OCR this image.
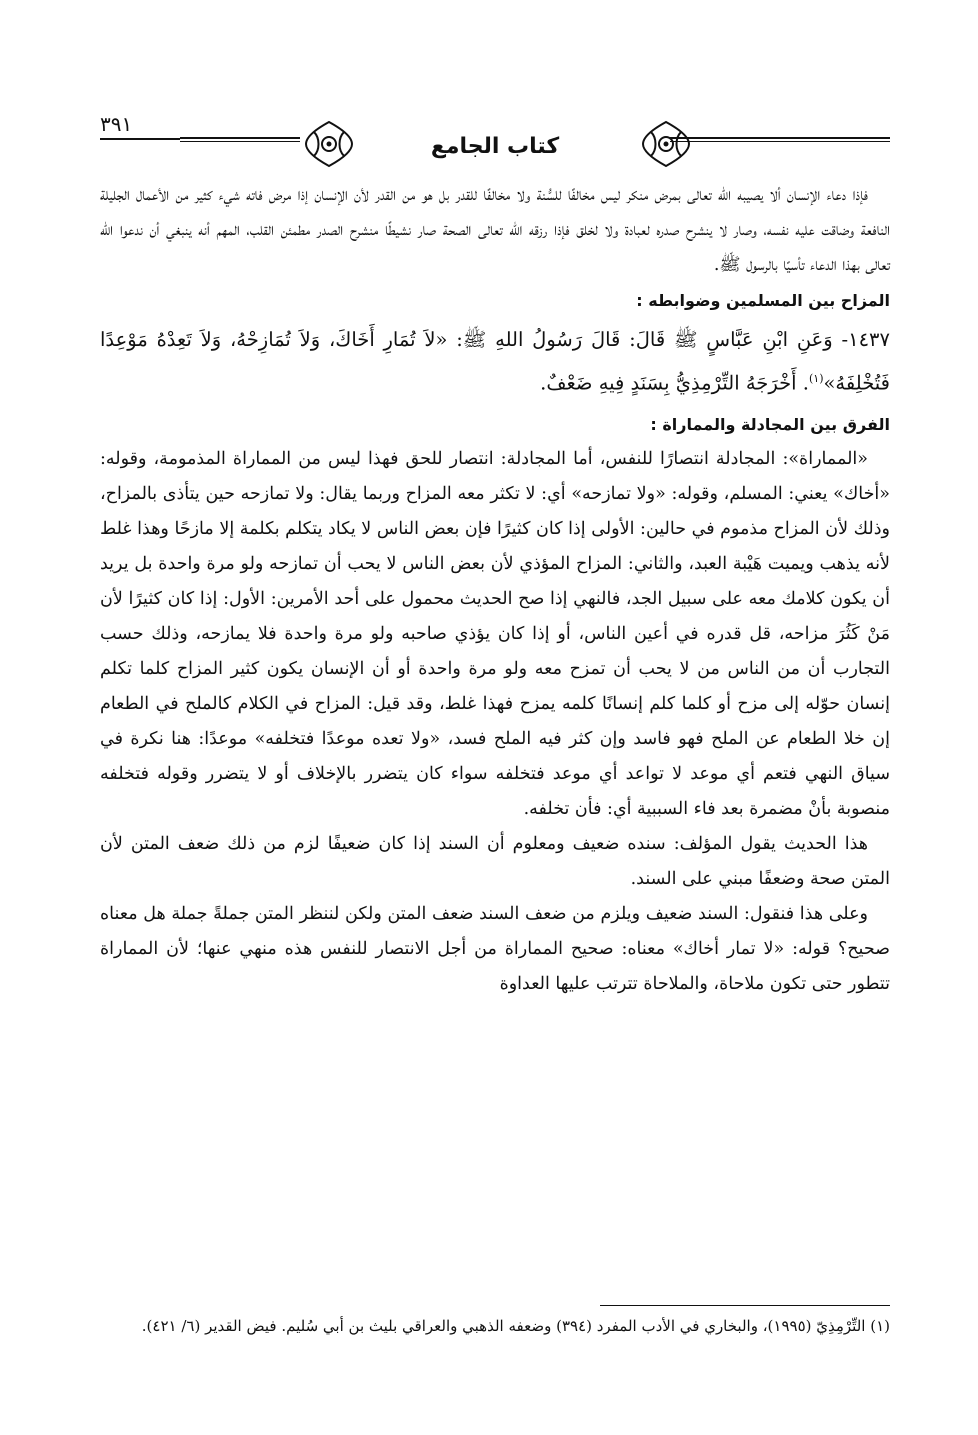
٣٩١
كتاب الجامع

فإذا دعاء الإنسان ألا يصيبه الله تعالى بمرض منكر ليس مخالفًا للسُّنة ولا مخالفًا للقدر بل هو من القدر لأن الإنسان إذا مرض فاته شيء كثير من الأعمال الجليلة النافعة وضاقت عليه نفسه، وصار لا ينشرح صدره لعبادة ولا لخلق فإذا رزقه الله تعالى الصحة صار نشيطًا منشرح الصدر مطمئن القلب، المهم أنه ينبغي أن ندعوا الله تعالى بهذا الدعاء تأسيًا بالرسول ﷺ.

المزاح بين المسلمين وضوابطه :

١٤٣٧- وَعَنِ ابْنِ عَبَّاسٍ ﷺ قَالَ: قَالَ رَسُولُ اللهِ ﷺ: «لاَ تُمَارِ أَخَاكَ، وَلاَ تُمَازِحْهُ، وَلاَ تَعِدْهُ مَوْعِدًا فَتُخْلِفَهُ»$^{(١)}$. أَخْرَجَهُ التِّرْمِذِيُّ بِسَنَدٍ فِيهِ ضَعْفٌ.

الفرق بين المجادلة والمماراة :

«المماراة»: المجادلة انتصارًا للنفس، أما المجادلة: انتصار للحق فهذا ليس من المماراة المذمومة، وقوله: «أخاك» يعني: المسلم، وقوله: «ولا تمازحه» أي: لا تكثر معه المزاح وربما يقال: ولا تمازحه حين يتأذى بالمزاح، وذلك لأن المزاح مذموم في حالين: الأولى إذا كان كثيرًا فإن بعض الناس لا يكاد يتكلم بكلمة إلا مازحًا وهذا غلط لأنه يذهب ويميت هَيْبة العبد، والثاني: المزاح المؤذي لأن بعض الناس لا يحب أن تمازحه ولو مرة واحدة بل يريد أن يكون كلامك معه على سبيل الجد، فالنهي إذا صح الحديث محمول على أحد الأمرين: الأول: إذا كان كثيرًا لأن مَنْ كَثُرَ مزاحه، قل قدره في أعين الناس، أو إذا كان يؤذي صاحبه ولو مرة واحدة فلا يمازحه، وذلك حسب التجارب أن من الناس من لا يحب أن تمزح معه ولو مرة واحدة أو أن الإنسان يكون كثير المزاح كلما تكلم إنسان حوّله إلى مزح أو كلما كلم إنسانًا كلمه يمزح فهذا غلط، وقد قيل: المزاح في الكلام كالملح في الطعام إن خلا الطعام عن الملح فهو فاسد وإن كثر فيه الملح فسد، «ولا تعده موعدًا فتخلفه» موعدًا: هنا نكرة في سياق النهي فتعم أي موعد لا تواعد أي موعد فتخلفه سواء كان يتضرر بالإخلاف أو لا يتضرر وقوله فتخلفه منصوبة بأنْ مضمرة بعد فاء السببية أي: فأن تخلفه.

هذا الحديث يقول المؤلف: سنده ضعيف ومعلوم أن السند إذا كان ضعيفًا لزم من ذلك ضعف المتن لأن المتن صحة وضعفًا مبني على السند.

وعلى هذا فنقول: السند ضعيف ويلزم من ضعف السند ضعف المتن ولكن لننظر المتن جملةً جملة هل معناه صحيح؟ قوله: «لا تمار أخاك» معناه: صحيح المماراة من أجل الانتصار للنفس هذه منهي عنها؛ لأن المماراة تتطور حتى تكون ملاحاة، والملاحاة تترتب عليها العداوة

(١) التِّرْمِذِيّ (١٩٩٥)، والبخاري في الأدب المفرد (٣٩٤) وضعفه الذهبي والعراقي بليث بن أبي سُليم. فيض القدير (٦/ ٤٢١).
